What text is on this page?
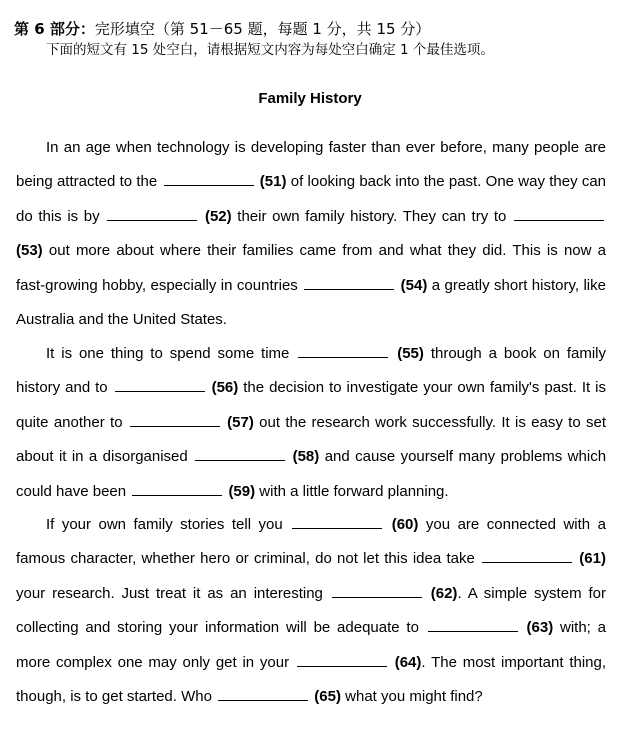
第 6 部分：完形填空（第 51－65 题，每题 1 分，共 15 分）
下面的短文有 15 处空白，请根据短文内容为每处空白确定 1 个最佳选项。
Family History

In an age when technology is developing faster than ever before, many people are being attracted to the	(51) of looking back into the past. One way they can do this is by	(52) their own family history. They can try to  (53) out more about where their families came from and what they did. This is now a fast-growing hobby, especially in countries	(54) a greatly short history, like Australia and the United States.

It is one thing to spend some time	(55) through a book on family history and to	(56) the decision to investigate your own family's past. It is quite another to	(57) out the research work successfully. It is easy to set about it in a disorganised	(58) and cause yourself many problems which could have been	(59) with a little forward planning.

If your own family stories tell you	(60) you are connected with a famous character, whether hero or criminal, do not let this idea take	(61) your research. Just treat it as an interesting	(62). A simple system for collecting and storing your information will be adequate to	(63) with; a more complex one may only get in your	(64). The most important thing, though, is to get started. Who	(65) what you might find?
